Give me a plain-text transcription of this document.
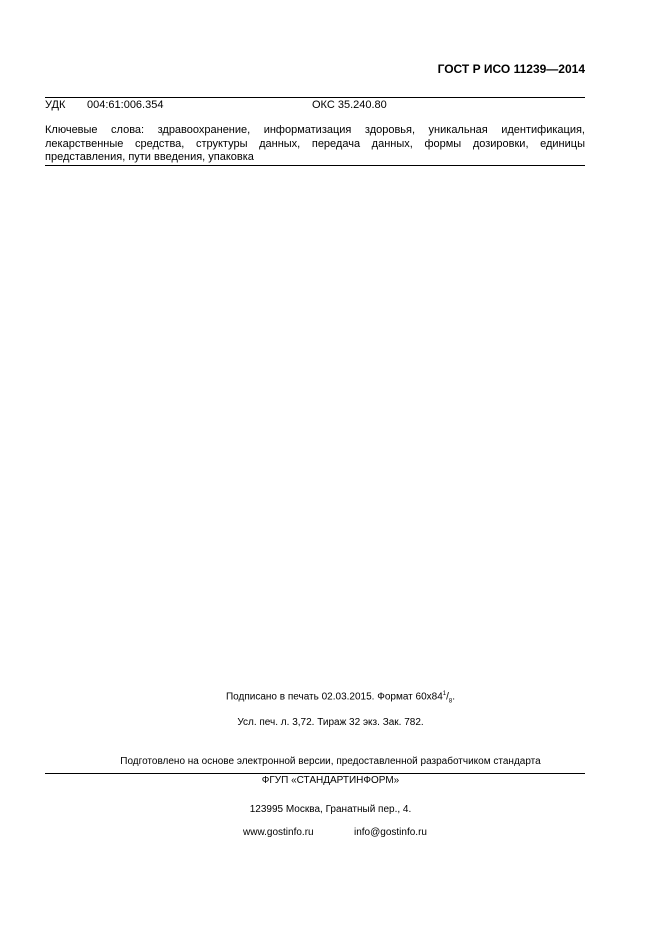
ГОСТ Р ИСО 11239—2014
УДК 004:61:006.354	ОКС 35.240.80
Ключевые слова: здравоохранение, информатизация здоровья, уникальная идентификация, лекарственные средства, структуры данных, передача данных, формы дозировки, единицы представления, пути введения, упаковка
Подписано в печать 02.03.2015. Формат $60x84^1/_8$.
Усл. печ. л. 3,72. Тираж 32 экз. Зак. 782.
Подготовлено на основе электронной версии, предоставленной разработчиком стандарта
ФГУП «СТАНДАРТИНФОРМ»
123995 Москва, Гранатный пер., 4.
www.gostinfo.ru	info@gostinfo.ru
